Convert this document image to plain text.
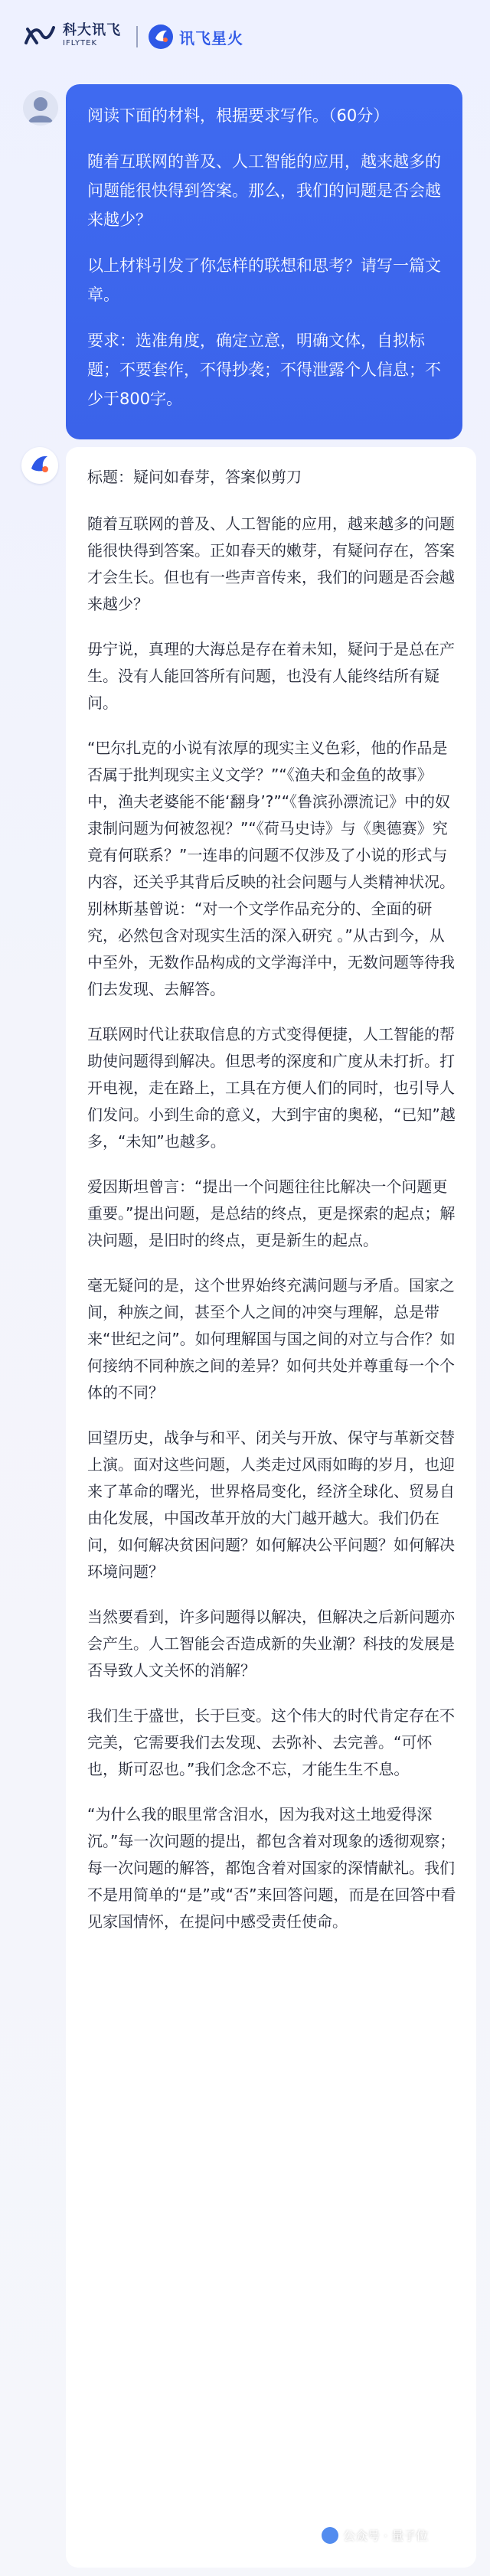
科大讯飞
IFLYTEK	讯飞星火

阅读下面的材料，根据要求写作。（60分）

随着互联网的普及、人工智能的应用，越来越多的问题能很快得到答案。那么，我们的问题是否会越来越少？

以上材料引发了你怎样的联想和思考？请写一篇文章。

要求：选准角度，确定立意，明确文体，自拟标题；不要套作，不得抄袭；不得泄露个人信息；不少于800字。

标题：疑问如春芽，答案似剪刀

随着互联网的普及、人工智能的应用，越来越多的问题能很快得到答案。正如春天的嫩芽，有疑问存在，答案才会生长。但也有一些声音传来，我们的问题是否会越来越少？

毋宁说，真理的大海总是存在着未知，疑问于是总在产生。没有人能回答所有问题，也没有人能终结所有疑问。

“巴尔扎克的小说有浓厚的现实主义色彩，他的作品是否属于批判现实主义文学？”“《渔夫和金鱼的故事》中，渔夫老婆能不能‘翻身’?”“《鲁滨孙漂流记》中的奴隶制问题为何被忽视？”“《荷马史诗》与《奥德赛》究竟有何联系？”一连串的问题不仅涉及了小说的形式与内容，还关乎其背后反映的社会问题与人类精神状况。别林斯基曾说：“对一个文学作品充分的、全面的研究，必然包含对现实生活的深入研究 。”从古到今，从中至外，无数作品构成的文学海洋中，无数问题等待我们去发现、去解答。

互联网时代让获取信息的方式变得便捷，人工智能的帮助使问题得到解决。但思考的深度和广度从未打折。打开电视，走在路上，工具在方便人们的同时，也引导人们发问。小到生命的意义，大到宇宙的奥秘，“已知”越多，“未知”也越多。

爱因斯坦曾言：“提出一个问题往往比解决一个问题更重要。”提出问题，是总结的终点，更是探索的起点；解决问题，是旧时的终点，更是新生的起点。

毫无疑问的是，这个世界始终充满问题与矛盾。国家之间，种族之间，甚至个人之间的冲突与理解，总是带来“世纪之问”。如何理解国与国之间的对立与合作？如何接纳不同种族之间的差异？如何共处并尊重每一个个体的不同？

回望历史，战争与和平、闭关与开放、保守与革新交替上演。面对这些问题，人类走过风雨如晦的岁月，也迎来了革命的曙光，世界格局变化，经济全球化、贸易自由化发展，中国改革开放的大门越开越大。我们仍在问，如何解决贫困问题？如何解决公平问题？如何解决环境问题？

当然要看到，许多问题得以解决，但解决之后新问题亦会产生。人工智能会否造成新的失业潮？科技的发展是否导致人文关怀的消解？

我们生于盛世，长于巨变。这个伟大的时代肯定存在不完美，它需要我们去发现、去弥补、去完善。“可怀也，斯可忍也。”我们念念不忘，才能生生不息。

“为什么我的眼里常含泪水，因为我对这土地爱得深沉。”每一次问题的提出，都包含着对现象的透彻观察；每一次问题的解答，都饱含着对国家的深情献礼。我们不是用简单的“是”或“否”来回答问题，而是在回答中看见家国情怀，在提问中感受责任使命。

公众号 · 量子位
